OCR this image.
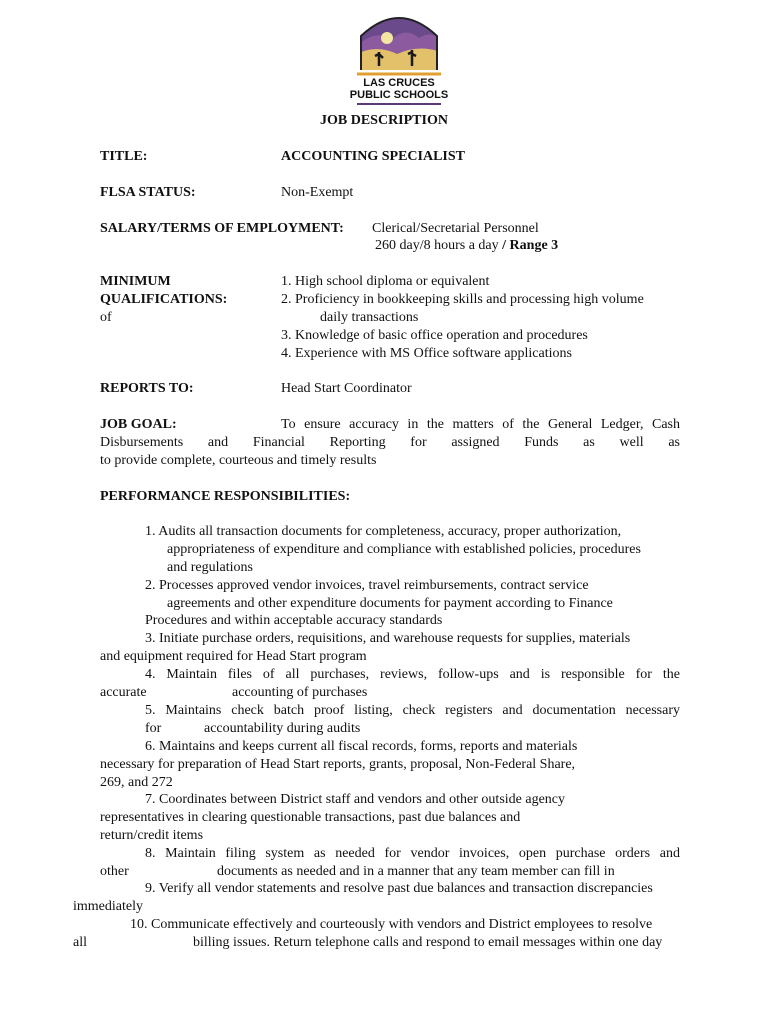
LAS CRUCES
PUBLIC SCHOOLS
JOB DESCRIPTION
TITLE:	ACCOUNTING SPECIALIST
FLSA STATUS:	Non-Exempt
SALARY/TERMS OF EMPLOYMENT: Clerical/Secretarial Personnel
260 day/8 hours a day / Range 3
MINIMUM
QUALIFICATIONS:
of
1. High school diploma or equivalent
2. Proficiency in bookkeeping skills and processing high volume
daily transactions
3. Knowledge of basic office operation and procedures
4. Experience with MS Office software applications
REPORTS TO:	Head Start Coordinator
JOB GOAL:	To ensure accuracy in the matters of the General Ledger, Cash
Disbursements and Financial Reporting for assigned Funds as well as
to provide complete, courteous and timely results
PERFORMANCE RESPONSIBILITIES:
1. Audits all transaction documents for completeness, accuracy, proper authorization,
appropriateness of expenditure and compliance with established policies, procedures
and regulations
2. Processes approved vendor invoices, travel reimbursements, contract service
agreements and other expenditure documents for payment according to Finance
Procedures and within acceptable accuracy standards
3. Initiate purchase orders, requisitions, and warehouse requests for supplies, materials
and equipment required for Head Start program
4. Maintain files of all purchases, reviews, follow-ups and is responsible for the
accurate	accounting of purchases
5. Maintains check batch proof listing, check registers and documentation necessary
for	accountability during audits
6. Maintains and keeps current all fiscal records, forms, reports and materials
necessary for preparation of Head Start reports, grants, proposal, Non-Federal Share,
269, and 272
7. Coordinates between District staff and vendors and other outside agency
representatives in clearing questionable transactions, past due balances and
return/credit items
8. Maintain filing system as needed for vendor invoices, open purchase orders and
other	documents as needed and in a manner that any team member can fill in
9. Verify all vendor statements and resolve past due balances and transaction discrepancies
immediately
10. Communicate effectively and courteously with vendors and District employees to resolve
all	billing issues. Return telephone calls and respond to email messages within one day
